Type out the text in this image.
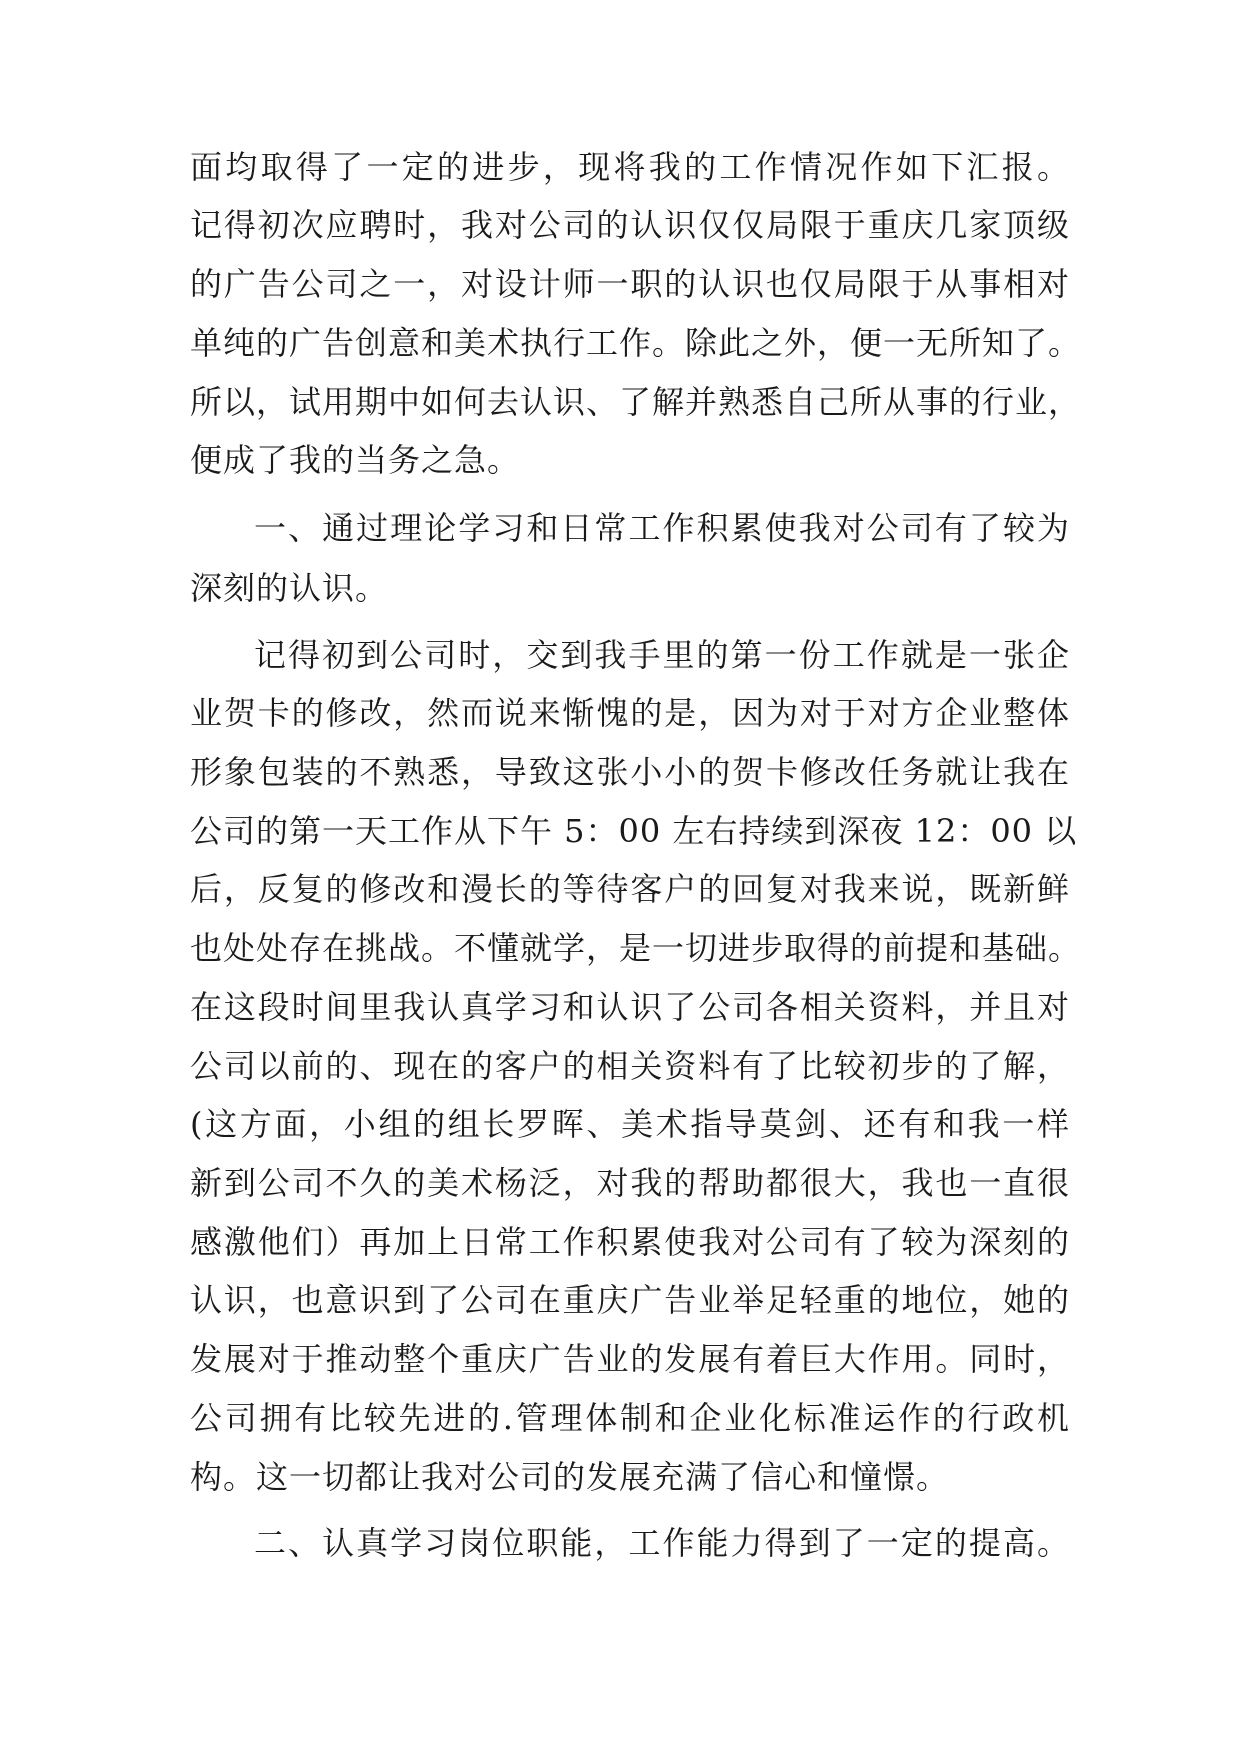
面均取得了一定的进步，现将我的工作情况作如下汇报。
记得初次应聘时，我对公司的认识仅仅局限于重庆几家顶级
的广告公司之一，对设计师一职的认识也仅局限于从事相对
单纯的广告创意和美术执行工作。除此之外，便一无所知了。
所以，试用期中如何去认识、了解并熟悉自己所从事的行业，
便成了我的当务之急。
一、通过理论学习和日常工作积累使我对公司有了较为
深刻的认识。
记得初到公司时，交到我手里的第一份工作就是一张企
业贺卡的修改，然而说来惭愧的是，因为对于对方企业整体
形象包装的不熟悉，导致这张小小的贺卡修改任务就让我在
公司的第一天工作从下午 5：00 左右持续到深夜 12：00 以
后，反复的修改和漫长的等待客户的回复对我来说，既新鲜
也处处存在挑战。不懂就学，是一切进步取得的前提和基础。
在这段时间里我认真学习和认识了公司各相关资料，并且对
公司以前的、现在的客户的相关资料有了比较初步的了解，
(这方面，小组的组长罗晖、美术指导莫剑、还有和我一样
新到公司不久的美术杨泛，对我的帮助都很大，我也一直很
感激他们）再加上日常工作积累使我对公司有了较为深刻的
认识，也意识到了公司在重庆广告业举足轻重的地位，她的
发展对于推动整个重庆广告业的发展有着巨大作用。同时，
公司拥有比较先进的.管理体制和企业化标准运作的行政机
构。这一切都让我对公司的发展充满了信心和憧憬。
二、认真学习岗位职能，工作能力得到了一定的提高。
